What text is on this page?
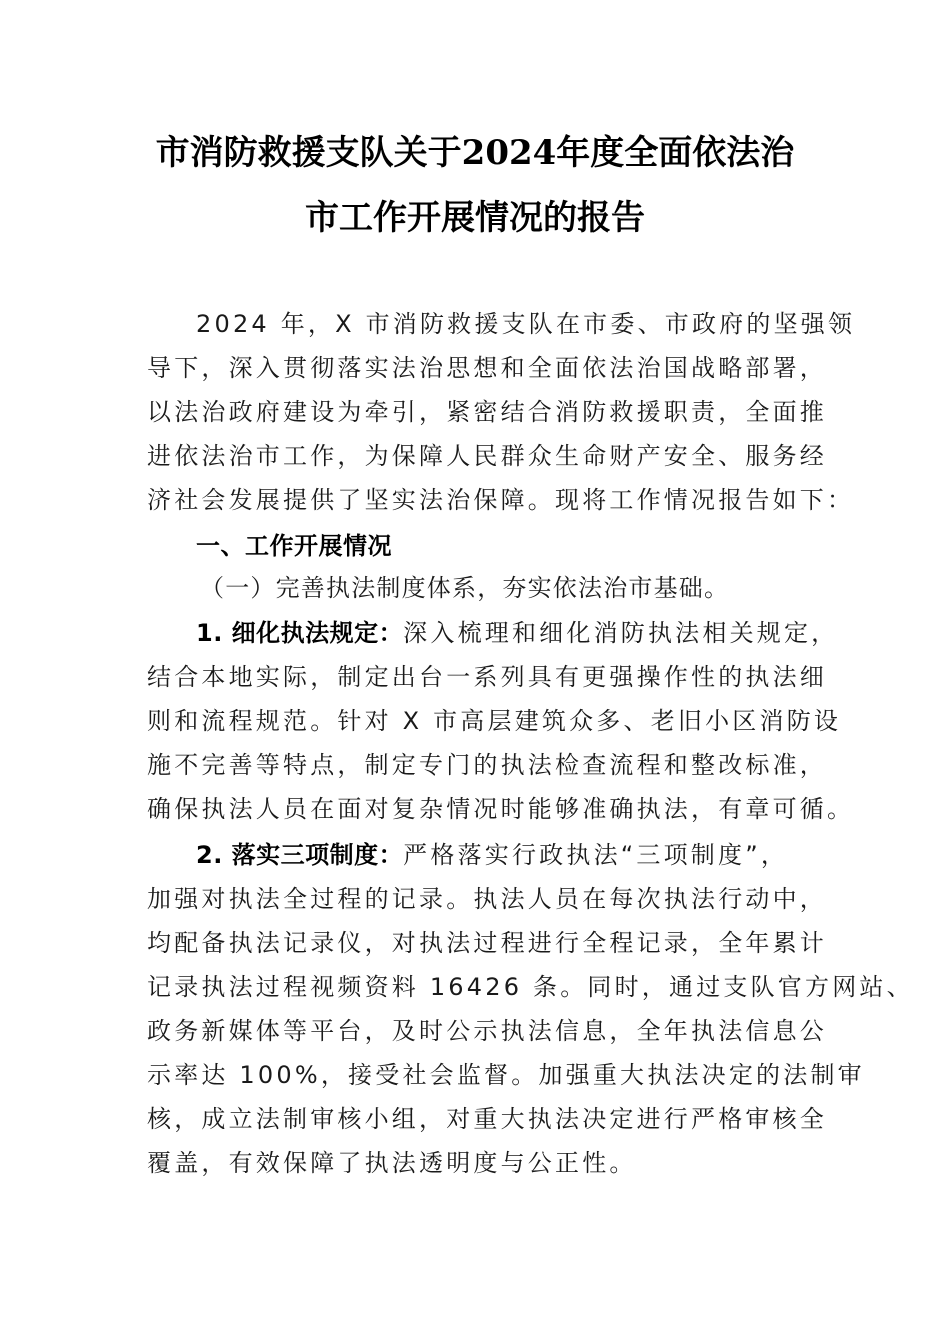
市消防救援支队关于2024年度全面依法治
市工作开展情况的报告
2024 年，X 市消防救援支队在市委、市政府的坚强领
导下，深入贯彻落实法治思想和全面依法治国战略部署，
以法治政府建设为牵引，紧密结合消防救援职责，全面推
进依法治市工作，为保障人民群众生命财产安全、服务经
济社会发展提供了坚实法治保障。现将工作情况报告如下：
一、工作开展情况
（一）完善执法制度体系，夯实依法治市基础。
1. 细化执法规定：深入梳理和细化消防执法相关规定，
结合本地实际，制定出台一系列具有更强操作性的执法细
则和流程规范。针对 X 市高层建筑众多、老旧小区消防设
施不完善等特点，制定专门的执法检查流程和整改标准，
确保执法人员在面对复杂情况时能够准确执法，有章可循。
2. 落实三项制度：严格落实行政执法“三项制度”，
加强对执法全过程的记录。执法人员在每次执法行动中，
均配备执法记录仪，对执法过程进行全程记录，全年累计
记录执法过程视频资料 16426 条。同时，通过支队官方网站、
政务新媒体等平台，及时公示执法信息，全年执法信息公
示率达 100%，接受社会监督。加强重大执法决定的法制审
核，成立法制审核小组，对重大执法决定进行严格审核全
覆盖，有效保障了执法透明度与公正性。
